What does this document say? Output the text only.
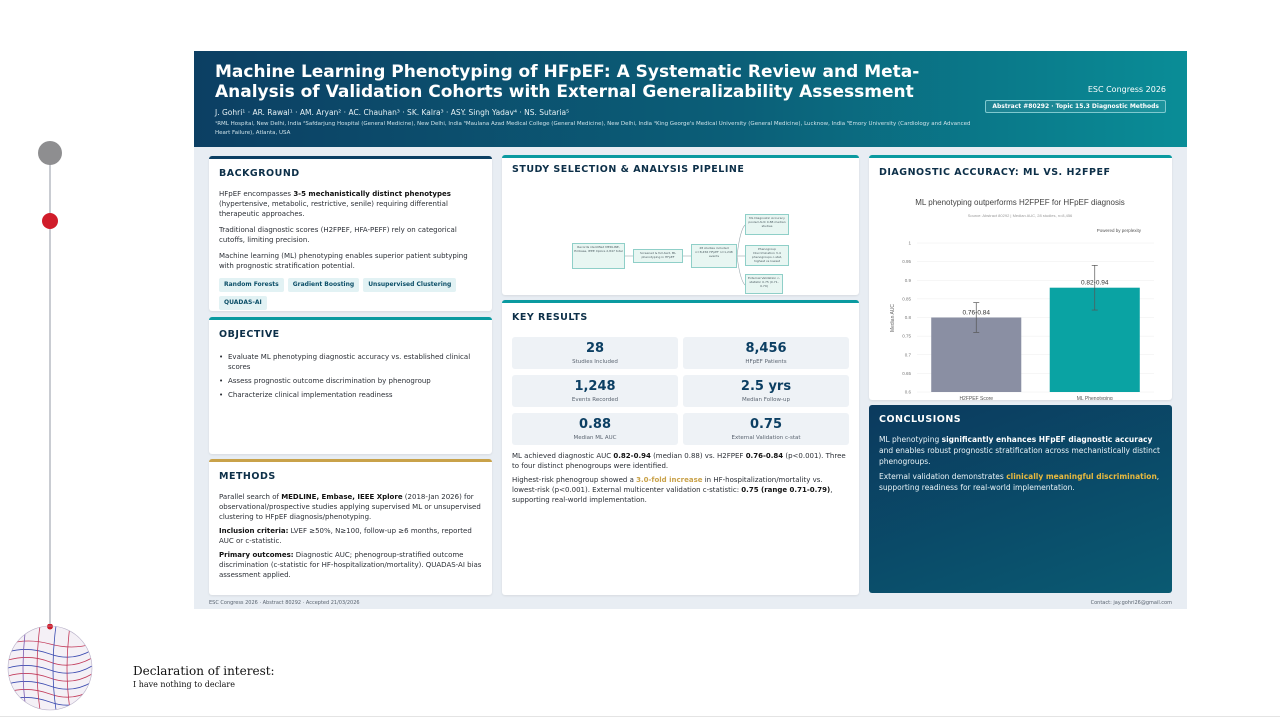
Declaration of interest:
I have nothing to declare
Machine Learning Phenotyping of HFpEF: A Systematic Review and Meta-Analysis of Validation Cohorts with External Generalizability Assessment
J. Gohri¹ · AR. Rawal¹ · AM. Aryan² · AC. Chauhan³ · SK. Kalra³ · ASY. Singh Yadav⁴ · NS. Sutaria⁵
¹RML Hospital, New Delhi, India ²Safdarjung Hospital (General Medicine), New Delhi, India ³Maulana Azad Medical College (General Medicine), New Delhi, India ⁴King George's Medical University (General Medicine), Lucknow, India ⁵Emory University (Cardiology and Advanced Heart Failure), Atlanta, USA
ESC Congress 2026
Abstract #80292 · Topic 15.3 Diagnostic Methods
BACKGROUND
HFpEF encompasses 3-5 mechanistically distinct phenotypes (hypertensive, metabolic, restrictive, senile) requiring differential therapeutic approaches.
Traditional diagnostic scores (H2FPEF, HFA-PEFF) rely on categorical cutoffs, limiting precision.
Machine learning (ML) phenotyping enables superior patient subtyping with prognostic stratification potential.
Random Forests Gradient Boosting Unsupervised ClusteringQUADAS-AI
OBJECTIVE
• Evaluate ML phenotyping diagnostic accuracy vs. established clinical scores
• Assess prognostic outcome discrimination by phenogroup
• Characterize clinical implementation readiness
METHODS
Parallel search of MEDLINE, Embase, IEEE Xplore (2018-Jan 2026) for observational/prospective studies applying supervised ML or unsupervised clustering to HFpEF diagnosis/phenotyping.
Inclusion criteria: LVEF ≥50%, N≥100, follow-up ≥6 months, reported AUC or c-statistic.
Primary outcomes: Diagnostic AUC; phenogroup-stratified outcome discrimination (c-statistic for HF-hospitalization/mortality). QUADAS-AI bias assessment applied.
STUDY SELECTION & ANALYSIS PIPELINE
Records identified MEDLINE, Embase, IEEE Xplore 2,847 total	Screened & full-text, ML phenotyping in HFpEF
28 studies included n=8,456 HFpEF n=1,248 events
ML Diagnostic Accuracy pooled AUC 0.88 median studies
Phenogroup Discrimination 3-4 phenogroups c-stat, highest vs lowest
External Validation c-statistic 0.75 (0.71-0.79)
KEY RESULTS
28
Studies Included
8,456
HFpEF Patients
1,248
Events Recorded
2.5 yrs
Median Follow-up
0.88
Median ML AUC
0.75
External Validation c-stat
ML achieved diagnostic AUC 0.82-0.94 (median 0.88) vs. H2FPEF 0.76-0.84 (p<0.001). Three to four distinct phenogroups were identified.
Highest-risk phenogroup showed a 3.0-fold increase in HF-hospitalization/mortality vs. lowest-risk (p<0.001). External multicenter validation c-statistic: 0.75 (range 0.71-0.79), supporting real-world implementation.
DIAGNOSTIC ACCURACY: ML VS. H2FPEF
ML phenotyping outperforms H2FPEF for HFpEF diagnosis
Source: Abstract 80292 | Median AUC, 28 studies, n=8,456
Powered by perplexity
Median AUC
0.6
0.65
0.7
0.75
0.8
0.85
0.9
0.95
1
0.76-0.84
H2FPEF Score
0.82-0.94
ML Phenotyping
CONCLUSIONS
ML phenotyping significantly enhances HFpEF diagnostic accuracy and enables robust prognostic stratification across mechanistically distinct phenogroups.
External validation demonstrates clinically meaningful discrimination, supporting readiness for real-world implementation.
ESC Congress 2026 · Abstract 80292 · Accepted 21/03/2026	Contact: jay.gohri26@gmail.com
